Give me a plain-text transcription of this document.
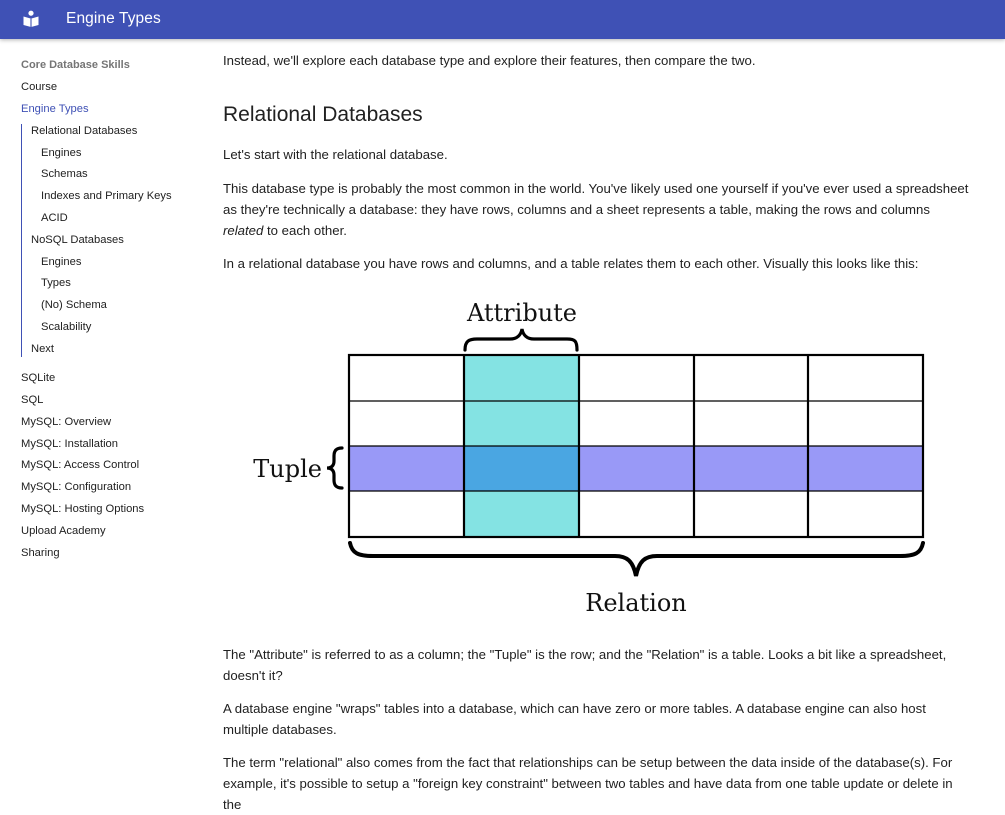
Engine Types
Core Database Skills
Course
Engine Types
Relational Databases
Engines
Schemas
Indexes and Primary Keys
ACID
NoSQL Databases
Engines
Types
(No) Schema
Scalability
Next
SQLite
SQL
MySQL: Overview
MySQL: Installation
MySQL: Access Control
MySQL: Configuration
MySQL: Hosting Options
Upload Academy
Sharing

Instead, we'll explore each database type and explore their features, then compare the two.

Relational Databases

Let's start with the relational database.

This database type is probably the most common in the world. You've likely used one yourself if you've ever used a spreadsheet as they're technically a database: they have rows, columns and a sheet represents a table, making the rows and columns related to each other.

In a relational database you have rows and columns, and a table relates them to each other. Visually this looks like this:

The "Attribute" is referred to as a column; the "Tuple" is the row; and the "Relation" is a table. Looks a bit like a spreadsheet, doesn't it?

A database engine "wraps" tables into a database, which can have zero or more tables. A database engine can also host multiple databases.

The term "relational" also comes from the fact that relationships can be setup between the data inside of the database(s). For example, it's possible to setup a "foreign key constraint" between two tables and have data from one table update or delete in the

Attribute
Tuple
Relation
